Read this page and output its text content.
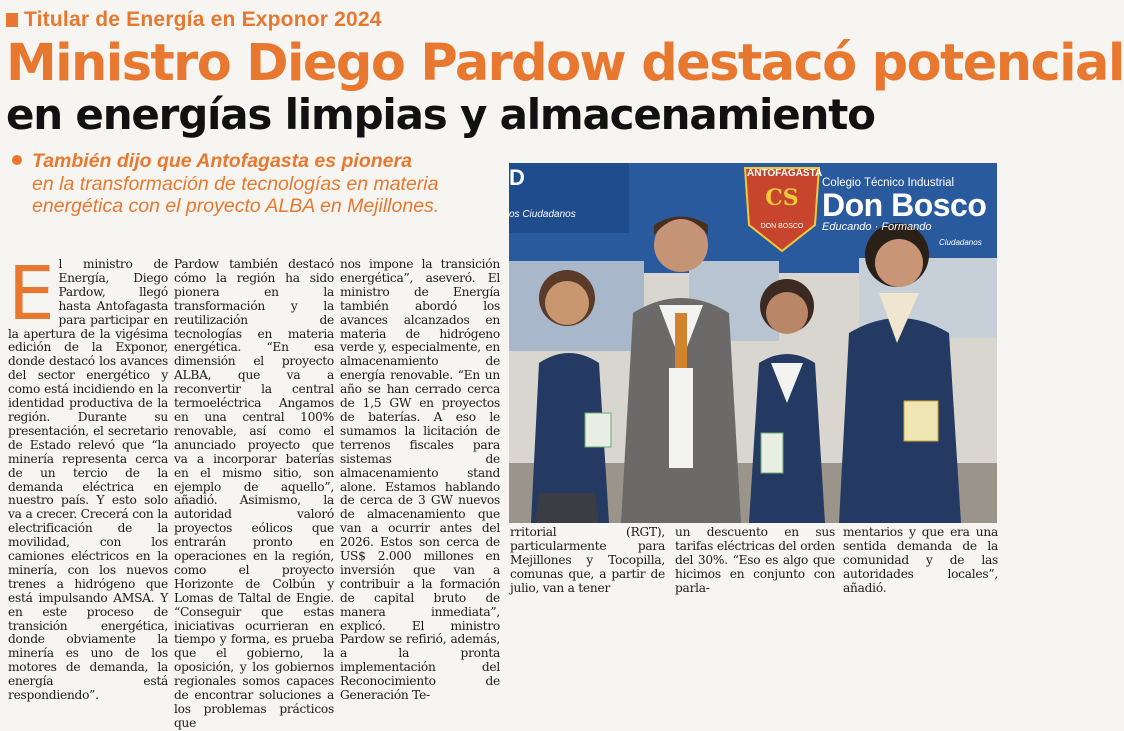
Titular de Energía en Exponor 2024
Ministro Diego Pardow destacó potencial
en energías limpias y almacenamiento
También dijo que Antofagasta es pionera
en la transformación de tecnologías en materia energética con el proyecto ALBA en Mejillones.
El ministro de Energía, Diego Pardow, llegó hasta Antofagasta para participar en la apertura de la vigésima edición de la Exponor, donde destacó los avances del sector energético y como está incidiendo en la identidad productiva de la región. Durante su presentación, el secretario de Estado relevó que “la minería representa cerca de un tercio de la demanda eléctrica en nuestro país. Y esto solo va a crecer. Crecerá con la electrificación de la movilidad, con los camiones eléctricos en la minería, con los nuevos trenes a hidrógeno que está impulsando AMSA. Y en este proceso de transición energética, donde obviamente la minería es uno de los motores de demanda, la energía está respondiendo”.
Pardow también destacó cómo la región ha sido pionera en la transformación y la reutilización de tecnologías en materia energética. “En esa dimensión el proyecto ALBA, que va a reconvertir la central termoeléctrica Angamos en una central 100% renovable, así como el anunciado proyecto que va a incorporar baterías en el mismo sitio, son ejemplo de aquello”, añadió. Asimismo, la autoridad valoró proyectos eólicos que entrarán pronto en operaciones en la región, como el proyecto Horizonte de Colbún y Lomas de Taltal de Engie. “Conseguir que estas iniciativas ocurrieran en tiempo y forma, es prueba que el gobierno, la oposición, y los gobiernos regionales somos capaces de encontrar soluciones a los problemas prácticos que
nos impone la transición energética”, aseveró. El ministro de Energía también abordó los avances alcanzados en materia de hidrógeno verde y, especialmente, en almacenamiento de energía renovable. “En un año se han cerrado cerca de 1,5 GW en proyectos de baterías. A eso le sumamos la licitación de terrenos fiscales para sistemas de almacenamiento stand alone. Estamos hablando de cerca de 3 GW nuevos de almacenamiento que van a ocurrir antes del 2026. Estos son cerca de US$ 2.000 millones en inversión que van a contribuir a la formación de capital bruto de manera inmediata”, explicó. El ministro Pardow se refirió, además, a la pronta implementación del Reconocimiento de Generación Te-
D
os Ciudadanos
ANTOFAGASTA
CS
DON BOSCO
Colegio Técnico Industrial
Don Bosco
Educando · Formando
Ciudadanos
rritorial (RGT), particularmente para Mejillones y Tocopilla, comunas que, a partir de julio, van a tener
un descuento en sus tarifas eléctricas del orden del 30%. “Eso es algo que hicimos en conjunto con parla-
mentarios y que era una sentida demanda de la comunidad y de las autoridades locales”, añadió.
